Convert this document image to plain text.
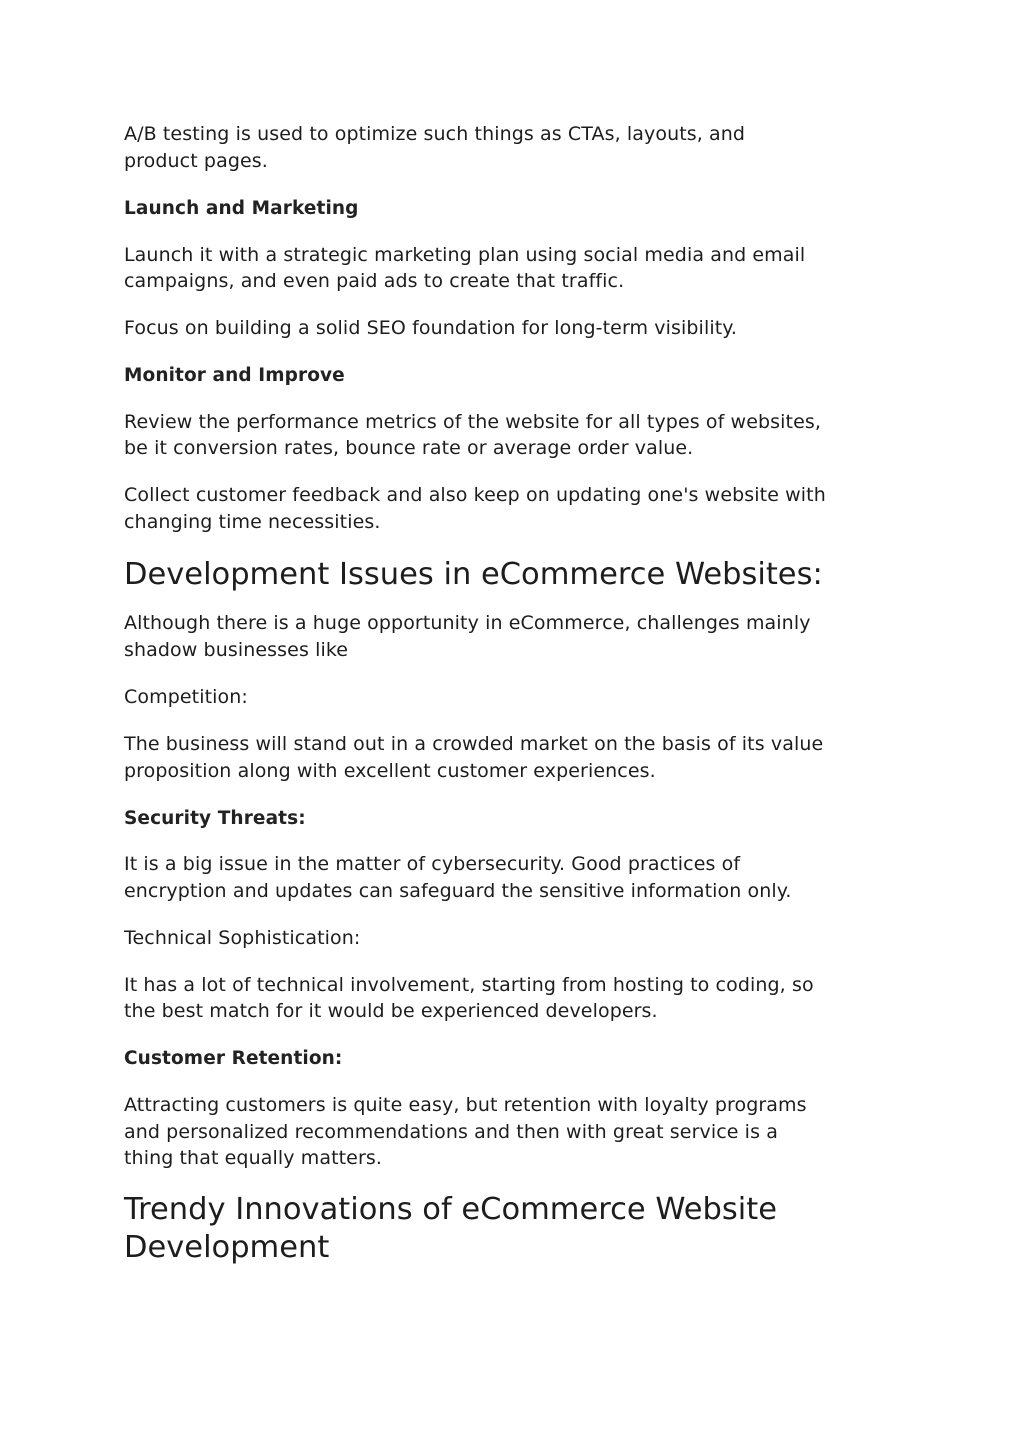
A/B testing is used to optimize such things as CTAs, layouts, and
product pages.
Launch and Marketing
Launch it with a strategic marketing plan using social media and email
campaigns, and even paid ads to create that traffic.
Focus on building a solid SEO foundation for long-term visibility.
Monitor and Improve
Review the performance metrics of the website for all types of websites,
be it conversion rates, bounce rate or average order value.
Collect customer feedback and also keep on updating one's website with
changing time necessities.
Development Issues in eCommerce Websites:
Although there is a huge opportunity in eCommerce, challenges mainly
shadow businesses like
Competition:
The business will stand out in a crowded market on the basis of its value
proposition along with excellent customer experiences.
Security Threats:
It is a big issue in the matter of cybersecurity. Good practices of
encryption and updates can safeguard the sensitive information only.
Technical Sophistication:
It has a lot of technical involvement, starting from hosting to coding, so
the best match for it would be experienced developers.
Customer Retention:
Attracting customers is quite easy, but retention with loyalty programs
and personalized recommendations and then with great service is a
thing that equally matters.
Trendy Innovations of eCommerce Website
Development
